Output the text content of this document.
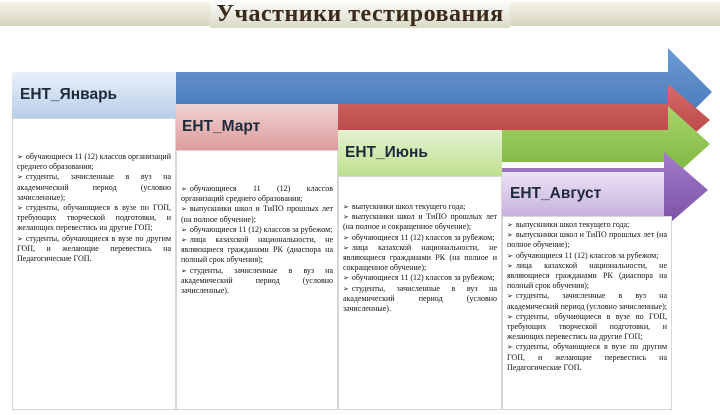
Участники тестирования
ЕНТ_Январь
ЕНТ_Март
ЕНТ_Июнь
ЕНТ_Август
➢ обучающиеся 11 (12) классов организаций среднего образования;
➢ студенты, зачисленные в вуз на академический период (условно зачисленные);
➢ студенты, обучающиеся в вузе по ГОП, требующих творческой подготовки, и желающих перевестись на другие ГОП;
➢ студенты, обучающиеся в вузе по другим ГОП, и желающие перевестись на Педагогические ГОП.
➢ обучающиеся 11 (12) классов организаций среднего образования;
➢ выпускники школ и ТиПО прошлых лет (на полное обучение);
➢ обучающиеся 11 (12) классов за рубежом;
➢ лица казахской национальности, не являющиеся гражданами РК (диаспора на полный срок обучения);
➢ студенты, зачисленные в вуз на академический период (условно зачисленные).
➢ выпускники школ текущего года;
➢ выпускники школ и ТиПО прошлых лет (на полное и сокращенное обучение);
➢ обучающиеся 11 (12) классов за рубежом;
➢ лица казахской национальности, не являющиеся гражданами РК (на полное и сокращенное обучение);
➢ обучающиеся 11 (12) классов за рубежом;
➢ студенты, зачисленные в вуз на академический период (условно зачисленные).
➢ выпускники школ текущего года;
➢ выпускники школ и ТиПО прошлых лет (на полное обучение);
➢ обучающиеся 11 (12) классов за рубежом;
➢ лица казахской национальности, не являющиеся гражданами РК (диаспора на полный срок обучения);
➢ студенты, зачисленные в вуз на академический период (условно зачисленные);
➢ студенты, обучающиеся в вузе по ГОП, требующих творческой подготовки, и желающих перевестись на другие ГОП;
➢ студенты, обучающиеся в вузе по другим ГОП, и желающие перевестись на Педагогические ГОП.
